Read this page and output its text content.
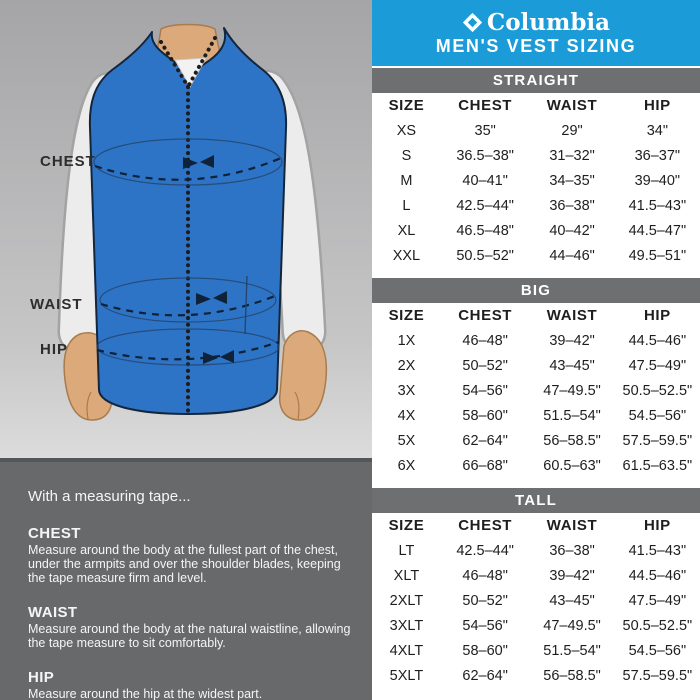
CHEST
WAIST
HIP

With a measuring tape...

CHEST

Measure around the body at the fullest part of the chest, under the armpits and over the shoulder blades, keeping the tape measure firm and level.

WAIST

Measure around the body at the natural waistline, allowing the tape measure to sit comfortably.

HIP

Measure around the hip at the widest part.

Columbia
MEN'S VEST SIZING
STRAIGHT
SIZE	CHEST	WAIST	HIP
XS	35"	29"	34"
S	36.5–38"	31–32"	36–37"
M	40–41"	34–35"	39–40"
L	42.5–44"	36–38"	41.5–43"
XL	46.5–48"	40–42"	44.5–47"
XXL	50.5–52"	44–46"	49.5–51"
BIG
SIZE	CHEST	WAIST	HIP
1X	46–48"	39–42"	44.5–46"
2X	50–52"	43–45"	47.5–49"
3X	54–56"	47–49.5"	50.5–52.5"
4X	58–60"	51.5–54"	54.5–56"
5X	62–64"	56–58.5"	57.5–59.5"
6X	66–68"	60.5–63"	61.5–63.5"
TALL
SIZE	CHEST	WAIST	HIP
LT	42.5–44"	36–38"	41.5–43"
XLT	46–48"	39–42"	44.5–46"
2XLT	50–52"	43–45"	47.5–49"
3XLT	54–56"	47–49.5"	50.5–52.5"
4XLT	58–60"	51.5–54"	54.5–56"
5XLT	62–64"	56–58.5"	57.5–59.5"
